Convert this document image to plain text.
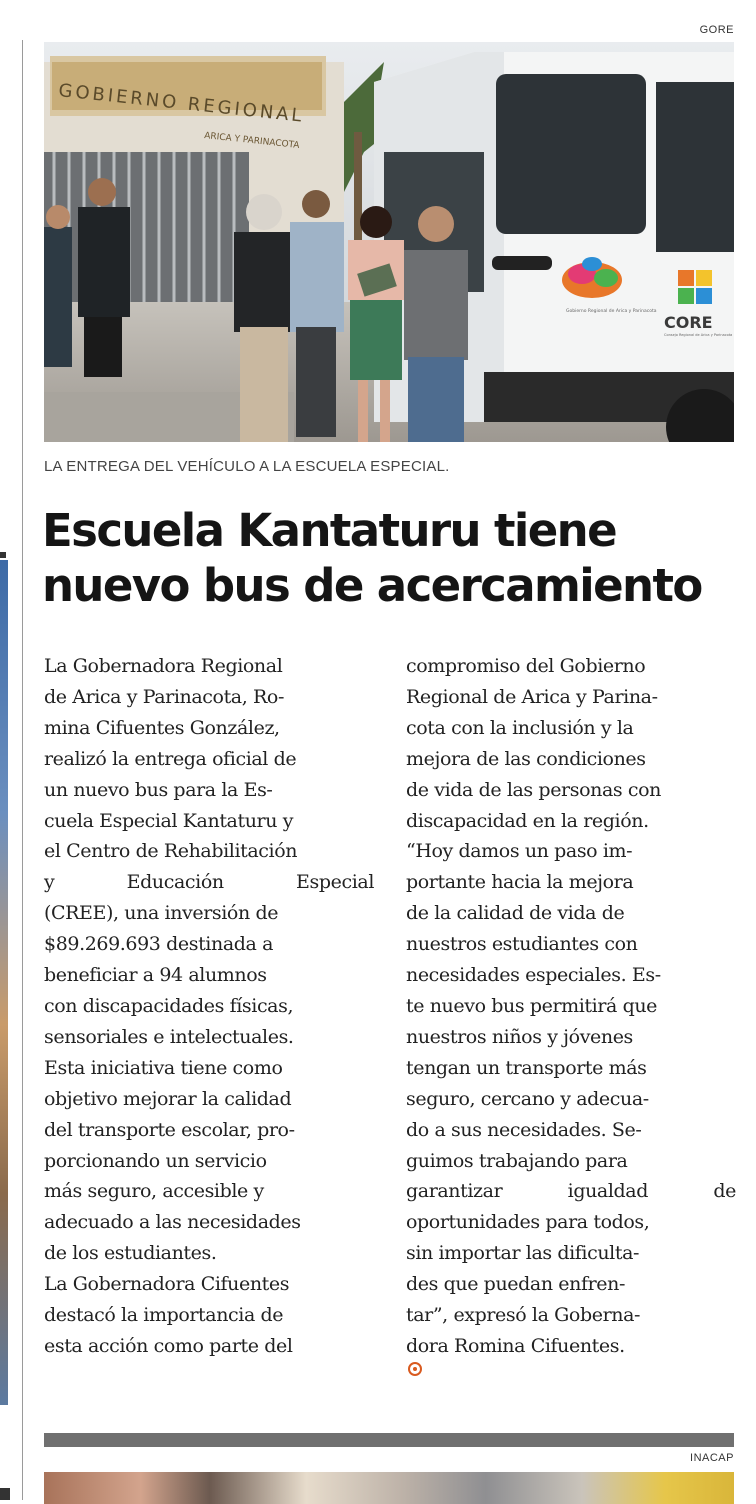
GORE
GOBIERNO REGIONAL
ARICA Y PARINACOTA
Gobierno Regional de Arica y Parinacota
CORE
Consejo Regional de Arica y Parinacota
LA ENTREGA DEL VEHÍCULO A LA ESCUELA ESPECIAL.
Escuela Kantaturu tiene
nuevo bus de acercamiento
La Gobernadora Regional
de Arica y Parinacota, Ro-
mina Cifuentes González,
realizó la entrega oficial de
un nuevo bus para la Es-
cuela Especial Kantaturu y
el Centro de Rehabilitación
y Educación Especial
(CREE), una inversión de
$89.269.693 destinada a
beneficiar a 94 alumnos
con discapacidades físicas,
sensoriales e intelectuales.
Esta iniciativa tiene como
objetivo mejorar la calidad
del transporte escolar, pro-
porcionando un servicio
más seguro, accesible y
adecuado a las necesidades
de los estudiantes.
La Gobernadora Cifuentes
destacó la importancia de
esta acción como parte del
compromiso del Gobierno
Regional de Arica y Parina-
cota con la inclusión y la
mejora de las condiciones
de vida de las personas con
discapacidad en la región.
“Hoy damos un paso im-
portante hacia la mejora
de la calidad de vida de
nuestros estudiantes con
necesidades especiales. Es-
te nuevo bus permitirá que
nuestros niños y jóvenes
tengan un transporte más
seguro, cercano y adecua-
do a sus necesidades. Se-
guimos trabajando para
garantizar igualdad de
oportunidades para todos,
sin importar las dificulta-
des que puedan enfren-
tar”, expresó la Goberna-
dora Romina Cifuentes.
INACAP
